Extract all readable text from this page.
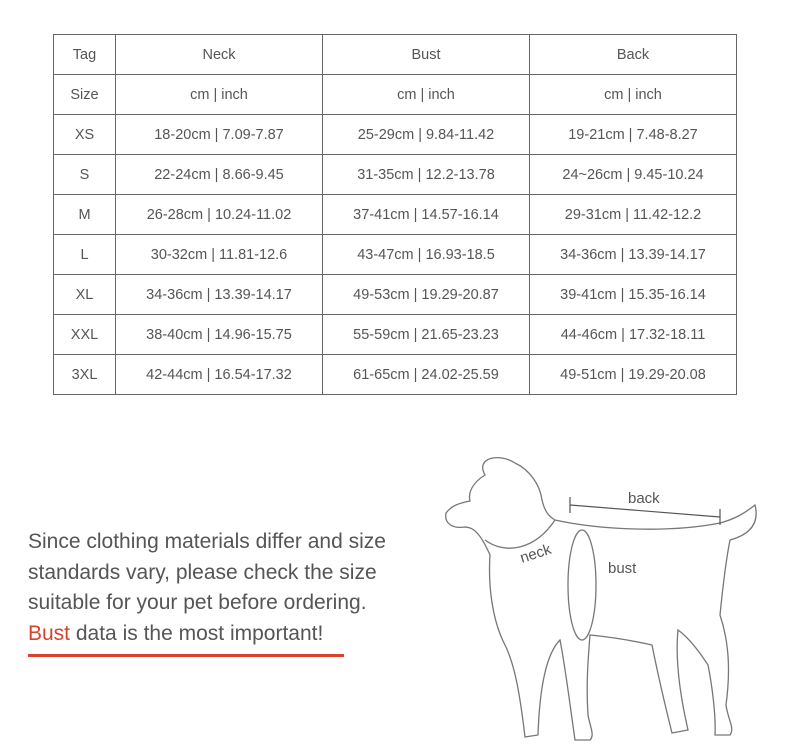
Tag	Neck	Bust	Back
Size	cm | inch	cm | inch	cm | inch
XS	18-20cm | 7.09-7.87	25-29cm | 9.84-11.42	19-21cm | 7.48-8.27
S	22-24cm | 8.66-9.45	31-35cm | 12.2-13.78	24~26cm | 9.45-10.24
M	26-28cm | 10.24-11.02	37-41cm | 14.57-16.14	29-31cm | 11.42-12.2
L	30-32cm | 11.81-12.6	43-47cm | 16.93-18.5	34-36cm | 13.39-14.17
XL	34-36cm | 13.39-14.17	49-53cm | 19.29-20.87	39-41cm | 15.35-16.14
XXL	38-40cm | 14.96-15.75	55-59cm | 21.65-23.23	44-46cm | 17.32-18.11
3XL	42-44cm | 16.54-17.32	61-65cm | 24.02-25.59	49-51cm | 19.29-20.08
Since clothing materials differ and size
standards vary, please check the size
suitable for your pet before ordering.
Bust data is the most important!
back
neck
bust
